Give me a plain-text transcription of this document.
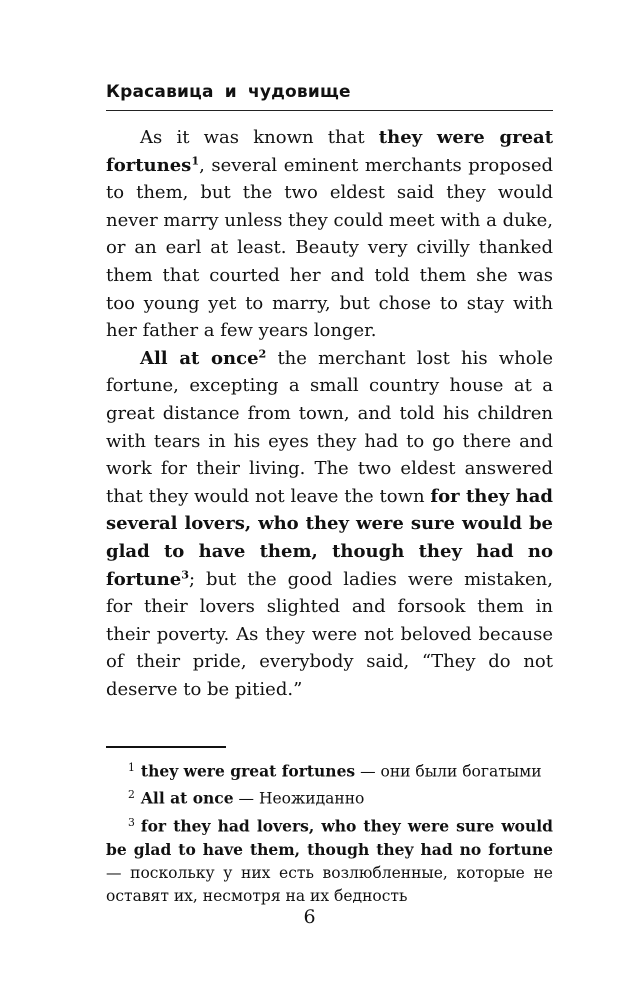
Красавица и чудовище

As it was known that they were great fortunes$^1$, several eminent merchants proposed to them, but the two eldest said they would never marry unless they could meet with a duke, or an earl at least. Beauty very civilly thanked them that courted her and told them she was too young yet to marry, but chose to stay with her father a few years longer.

All at once$^2$ the merchant lost his whole fortune, excepting a small country house at a great distance from town, and told his children with tears in his eyes they had to go there and work for their living. The two eldest answered that they would not leave the town for they had several lovers, who they were sure would be glad to have them, though they had no fortune$^3$; but the good ladies were mistaken, for their lovers slighted and forsook them in their poverty. As they were not beloved because of their pride, everybody said, “They do not deserve to be pitied.”

$^1$ they were great fortunes — они были богатыми

$^2$ All at once — Неожиданно

$^3$ for they had lovers, who they were sure would be glad to have them, though they had no fortune — поскольку у них есть возлюбленные, которые не оставят их, несмотря на их бедность

6
